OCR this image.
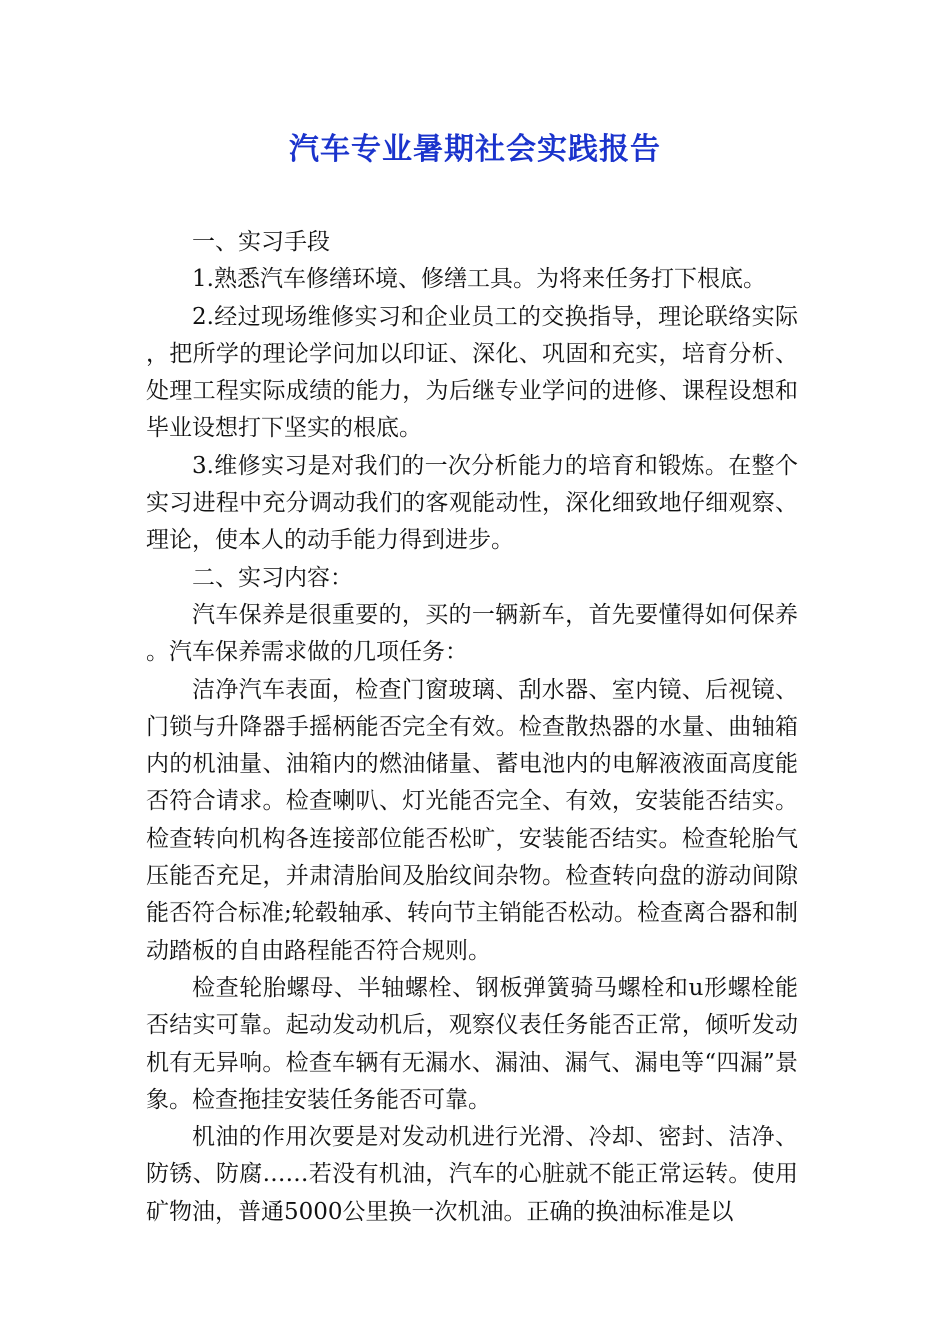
汽车专业暑期社会实践报告

一、实习手段

1.熟悉汽车修缮环境、修缮工具。为将来任务打下根底。

2.经过现场维修实习和企业员工的交换指导，理论联络实际，把所学的理论学问加以印证、深化、巩固和充实，培育分析、处理工程实际成绩的能力，为后继专业学问的进修、课程设想和毕业设想打下坚实的根底。

3.维修实习是对我们的一次分析能力的培育和锻炼。在整个实习进程中充分调动我们的客观能动性，深化细致地仔细观察、理论，使本人的动手能力得到进步。

二、实习内容：

汽车保养是很重要的，买的一辆新车，首先要懂得如何保养。汽车保养需求做的几项任务：

洁净汽车表面，检查门窗玻璃、刮水器、室内镜、后视镜、门锁与升降器手摇柄能否完全有效。检查散热器的水量、曲轴箱内的机油量、油箱内的燃油储量、蓄电池内的电解液液面高度能否符合请求。检查喇叭、灯光能否完全、有效，安装能否结实。检查转向机构各连接部位能否松旷，安装能否结实。检查轮胎气压能否充足，并肃清胎间及胎纹间杂物。检查转向盘的游动间隙能否符合标准;轮毂轴承、转向节主销能否松动。检查离合器和制动踏板的自由路程能否符合规则。

检查轮胎螺母、半轴螺栓、钢板弹簧骑马螺栓和u形螺栓能否结实可靠。起动发动机后，观察仪表任务能否正常，倾听发动机有无异响。检查车辆有无漏水、漏油、漏气、漏电等“四漏”景象。检查拖挂安装任务能否可靠。

机油的作用次要是对发动机进行光滑、冷却、密封、洁净、防锈、防腐……若没有机油，汽车的心脏就不能正常运转。使用矿物油，普通5000公里换一次机油。正确的换油标准是以
